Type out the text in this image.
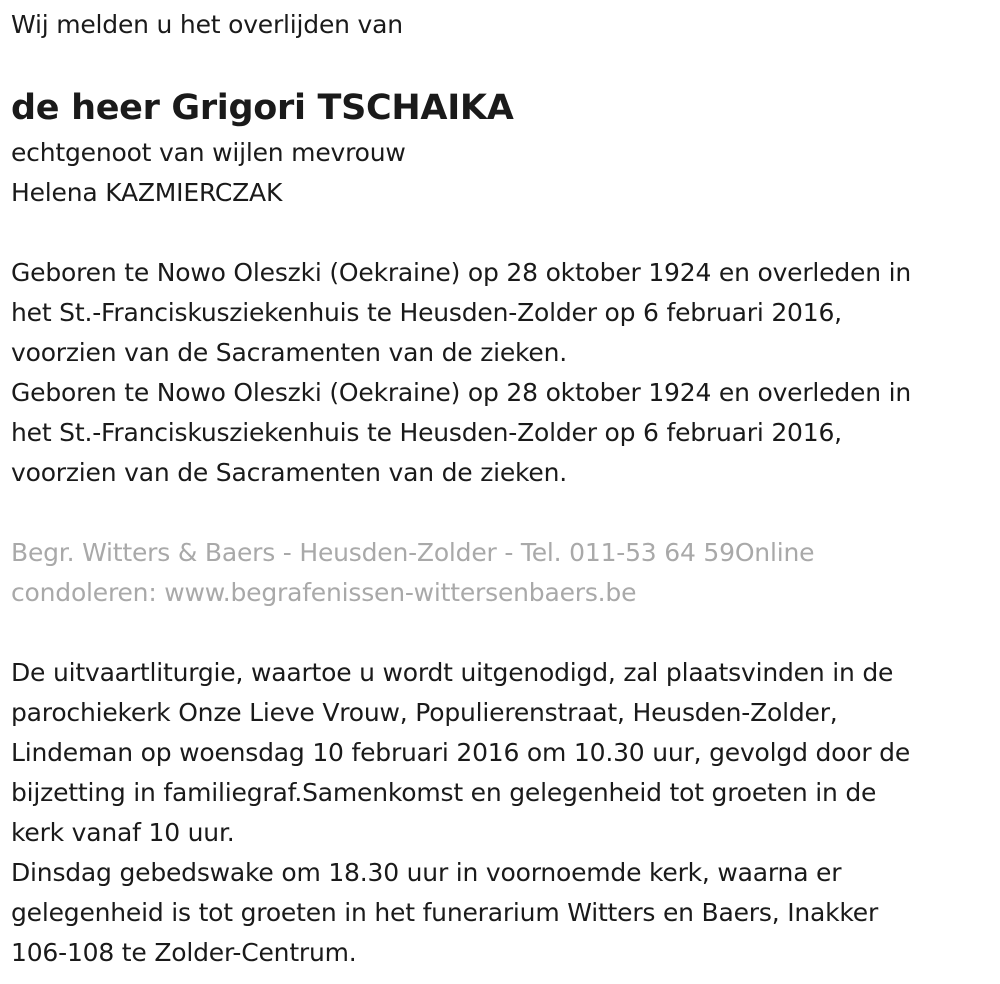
Wij melden u het overlijden van
de heer Grigori TSCHAIKA
echtgenoot van wijlen mevrouw
Helena KAZMIERCZAK
Geboren te Nowo Oleszki (Oekraine) op 28 oktober 1924 en overleden in
het St.-Franciskusziekenhuis te Heusden-Zolder op 6 februari 2016,
voorzien van de Sacramenten van de zieken.
Geboren te Nowo Oleszki (Oekraine) op 28 oktober 1924 en overleden in
het St.-Franciskusziekenhuis te Heusden-Zolder op 6 februari 2016,
voorzien van de Sacramenten van de zieken.
Begr. Witters & Baers - Heusden-Zolder - Tel. 011-53 64 59Online
condoleren: www.begrafenissen-wittersenbaers.be
De uitvaartliturgie, waartoe u wordt uitgenodigd, zal plaatsvinden in de
parochiekerk Onze Lieve Vrouw, Populierenstraat, Heusden-Zolder,
Lindeman op woensdag 10 februari 2016 om 10.30 uur, gevolgd door de
bijzetting in familiegraf.Samenkomst en gelegenheid tot groeten in de
kerk vanaf 10 uur.
Dinsdag gebedswake om 18.30 uur in voornoemde kerk, waarna er
gelegenheid is tot groeten in het funerarium Witters en Baers, Inakker
106-108 te Zolder-Centrum.
